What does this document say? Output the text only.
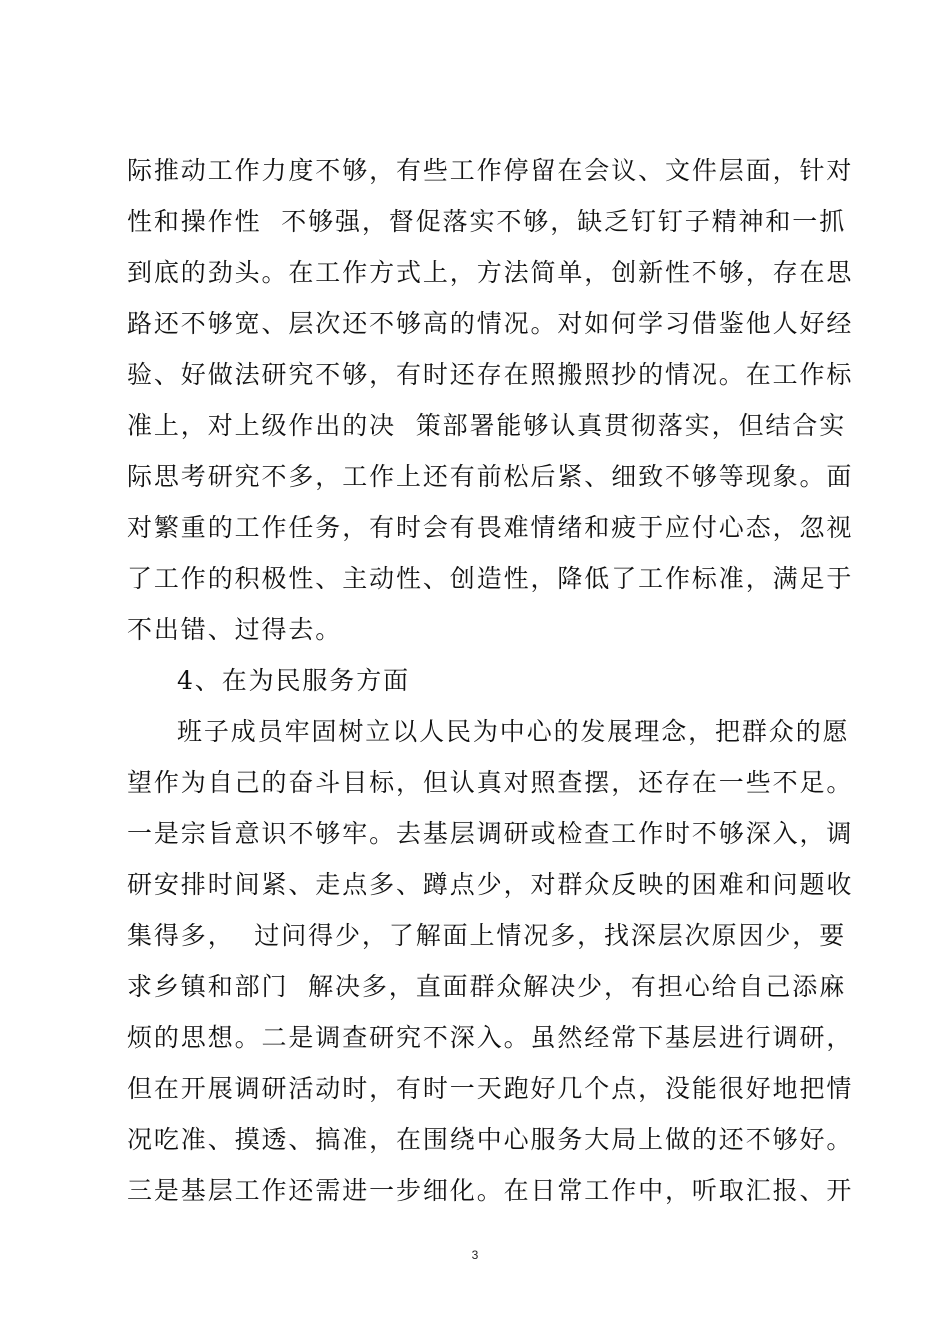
际推动工作力度不够，有些工作停留在会议、文件层面，针对
性和操作性  不够强，督促落实不够，缺乏钉钉子精神和一抓
到底的劲头。在工作方式上，方法简单，创新性不够，存在思
路还不够宽、层次还不够高的情况。对如何学习借鉴他人好经
验、好做法研究不够，有时还存在照搬照抄的情况。在工作标
准上，对上级作出的决  策部署能够认真贯彻落实，但结合实
际思考研究不多，工作上还有前松后紧、细致不够等现象。面
对繁重的工作任务，有时会有畏难情绪和疲于应付心态，忽视
了工作的积极性、主动性、创造性，降低了工作标准，满足于
不出错、过得去。
4、在为民服务方面
班子成员牢固树立以人民为中心的发展理念，把群众的愿
望作为自己的奋斗目标，但认真对照查摆，还存在一些不足。
一是宗旨意识不够牢。去基层调研或检查工作时不够深入，调
研安排时间紧、走点多、蹲点少，对群众反映的困难和问题收
集得多，  过问得少，了解面上情况多，找深层次原因少，要
求乡镇和部门  解决多，直面群众解决少，有担心给自己添麻
烦的思想。二是调查研究不深入。虽然经常下基层进行调研，
但在开展调研活动时，有时一天跑好几个点，没能很好地把情
况吃准、摸透、搞准，在围绕中心服务大局上做的还不够好。
三是基层工作还需进一步细化。在日常工作中，听取汇报、开
3
